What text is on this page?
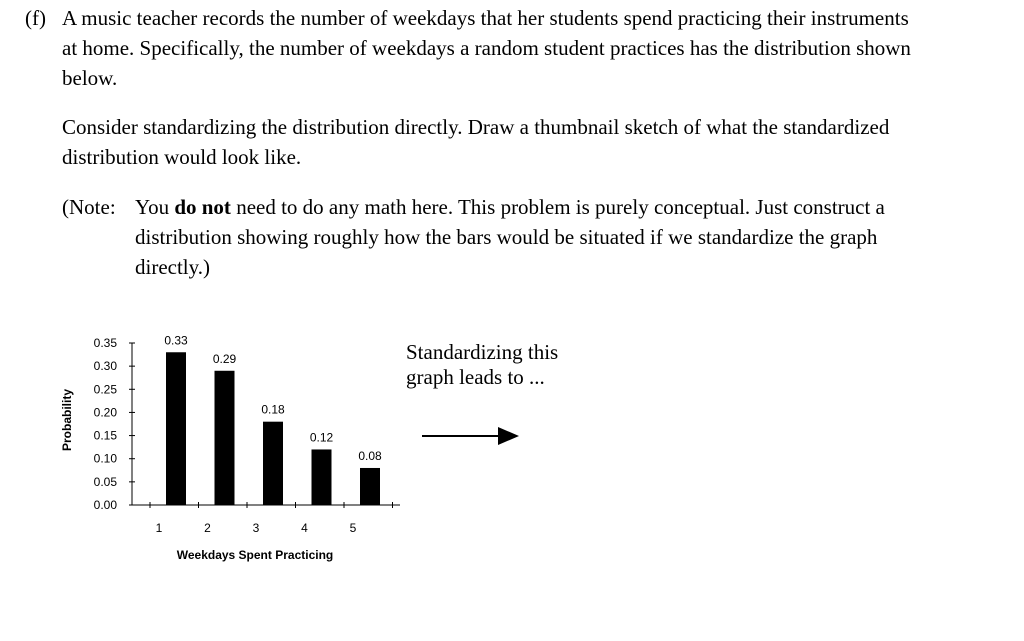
(f) A music teacher records the number of weekdays that her students spend practicing their instruments at home. Specifically, the number of weekdays a random student practices has the distribution shown below.
Consider standardizing the distribution directly. Draw a thumbnail sketch of what the standardized distribution would look like.
(Note: You do not need to do any math here. This problem is purely conceptual. Just construct a distribution showing roughly how the bars would be situated if we standardize the graph directly.)
0.00
0.05
0.10
0.15
0.20
0.25
0.30
0.35	0.33
1
0.29
2
0.18
3
0.12
4
0.08
5
Weekdays Spent Practicing
Probability
Standardizing this graph leads to ...
